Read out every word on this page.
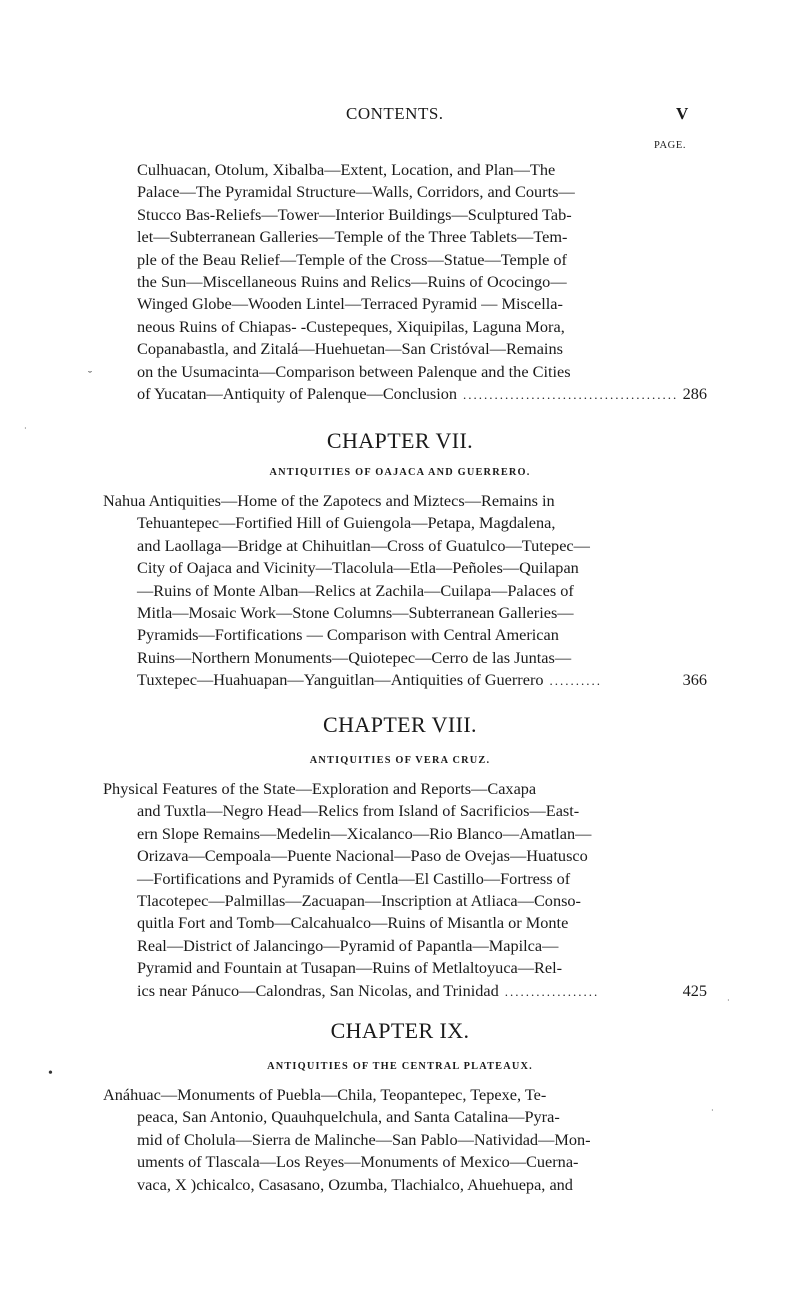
CONTENTS.	V
PAGE.

Culhuacan, Otolum, Xibalba—Extent, Location, and Plan—The
Palace—The Pyramidal Structure—Walls, Corridors, and Courts—
Stucco Bas-Reliefs—Tower—Interior Buildings—Sculptured Tab-
let—Subterranean Galleries—Temple of the Three Tablets—Tem-
ple of the Beau Relief—Temple of the Cross—Statue—Temple of
the Sun—Miscellaneous Ruins and Relics—Ruins of Ococingo—
Winged Globe—Wooden Lintel—Terraced Pyramid — Miscella-
neous Ruins of Chiapas- -Custepeques, Xiquipilas, Laguna Mora,
Copanabastla, and Zitalá—Huehuetan—San Cristóval—Remains
on the Usumacinta—Comparison between Palenque and the Cities

of Yucatan—Antiquity of Palenque—Conclusion ......................................... 286
CHAPTER VII.
ANTIQUITIES OF OAJACA AND GUERRERO.

Nahua Antiquities—Home of the Zapotecs and Miztecs—Remains in
Tehuantepec—Fortified Hill of Guiengola—Petapa, Magdalena,
and Laollaga—Bridge at Chihuitlan—Cross of Guatulco—Tutepec—
City of Oajaca and Vicinity—Tlacolula—Etla—Peñoles—Quilapan
—Ruins of Monte Alban—Relics at Zachila—Cuilapa—Palaces of
Mitla—Mosaic Work—Stone Columns—Subterranean Galleries—
Pyramids—Fortifications — Comparison with Central American
Ruins—Northern Monuments—Quiotepec—Cerro de las Juntas—

Tuxtepec—Huahuapan—Yanguitlan—Antiquities of Guerrero ..........	366
CHAPTER VIII.
ANTIQUITIES OF VERA CRUZ.

Physical Features of the State—Exploration and Reports—Caxapa
and Tuxtla—Negro Head—Relics from Island of Sacrificios—East-
ern Slope Remains—Medelin—Xicalanco—Rio Blanco—Amatlan—
Orizava—Cempoala—Puente Nacional—Paso de Ovejas—Huatusco
—Fortifications and Pyramids of Centla—El Castillo—Fortress of
Tlacotepec—Palmillas—Zacuapan—Inscription at Atliaca—Conso-
quitla Fort and Tomb—Calcahualco—Ruins of Misantla or Monte
Real—District of Jalancingo—Pyramid of Papantla—Mapilca—
Pyramid and Fountain at Tusapan—Ruins of Metlaltoyuca—Rel-

ics near Pánuco—Calondras, San Nicolas, and Trinidad ..................	425
CHAPTER IX.
ANTIQUITIES OF THE CENTRAL PLATEAUX.

Anáhuac—Monuments of Puebla—Chila, Teopantepec, Tepexe, Te-
peaca, San Antonio, Quauhquelchula, and Santa Catalina—Pyra-
mid of Cholula—Sierra de Malinche—San Pablo—Natividad—Mon-
uments of Tlascala—Los Reyes—Monuments of Mexico—Cuerna-
vaca, X )chicalco, Casasano, Ozumba, Tlachialco, Ahuehuepa, and

˘
·
•
·
·
